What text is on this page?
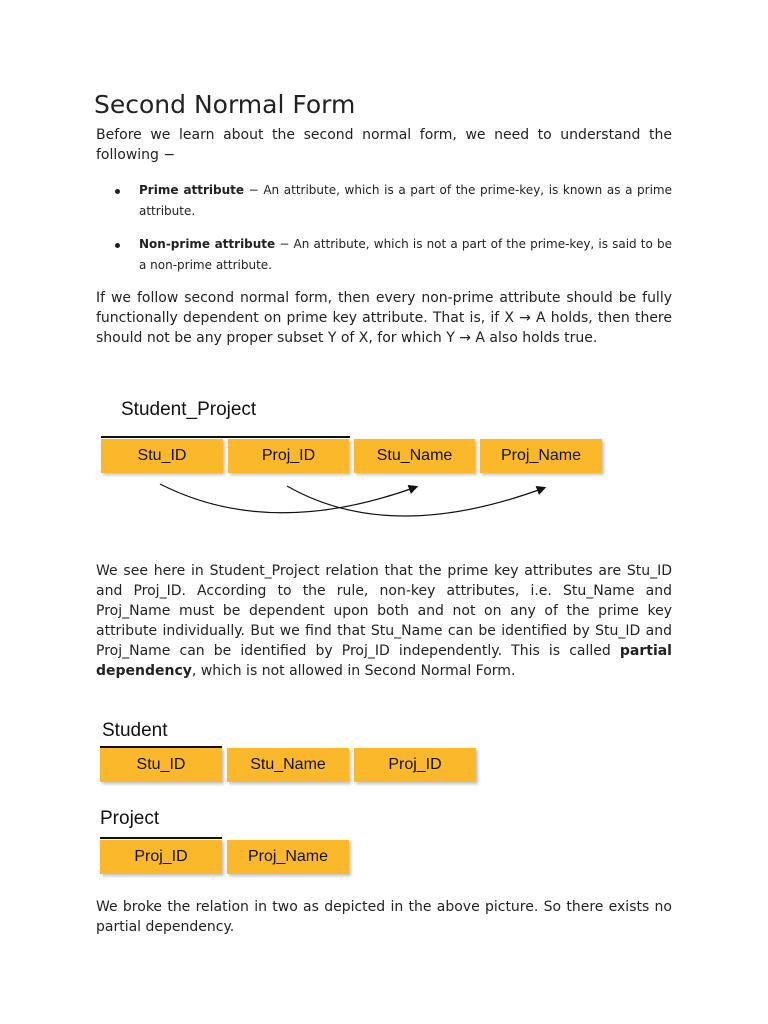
Second Normal Form

Before we learn about the second normal form, we need to understand the following −

Prime attribute − An attribute, which is a part of the prime-key, is known as a prime attribute.
Non-prime attribute − An attribute, which is not a part of the prime-key, is said to be a non-prime attribute.

If we follow second normal form, then every non-prime attribute should be fully functionally dependent on prime key attribute. That is, if X → A holds, then there should not be any proper subset Y of X, for which Y → A also holds true.

Student_Project

Stu_ID	Proj_ID	Stu_Name	Proj_Name

We see here in Student_Project relation that the prime key attributes are Stu_ID and Proj_ID. According to the rule, non-key attributes, i.e. Stu_Name and Proj_Name must be dependent upon both and not on any of the prime key attribute individually. But we find that Stu_Name can be identified by Stu_ID and Proj_Name can be identified by Proj_ID independently. This is called partial dependency, which is not allowed in Second Normal Form.

Student

Stu_ID	Stu_Name	Proj_ID

Project

Proj_ID	Proj_Name

We broke the relation in two as depicted in the above picture. So there exists no partial dependency.
